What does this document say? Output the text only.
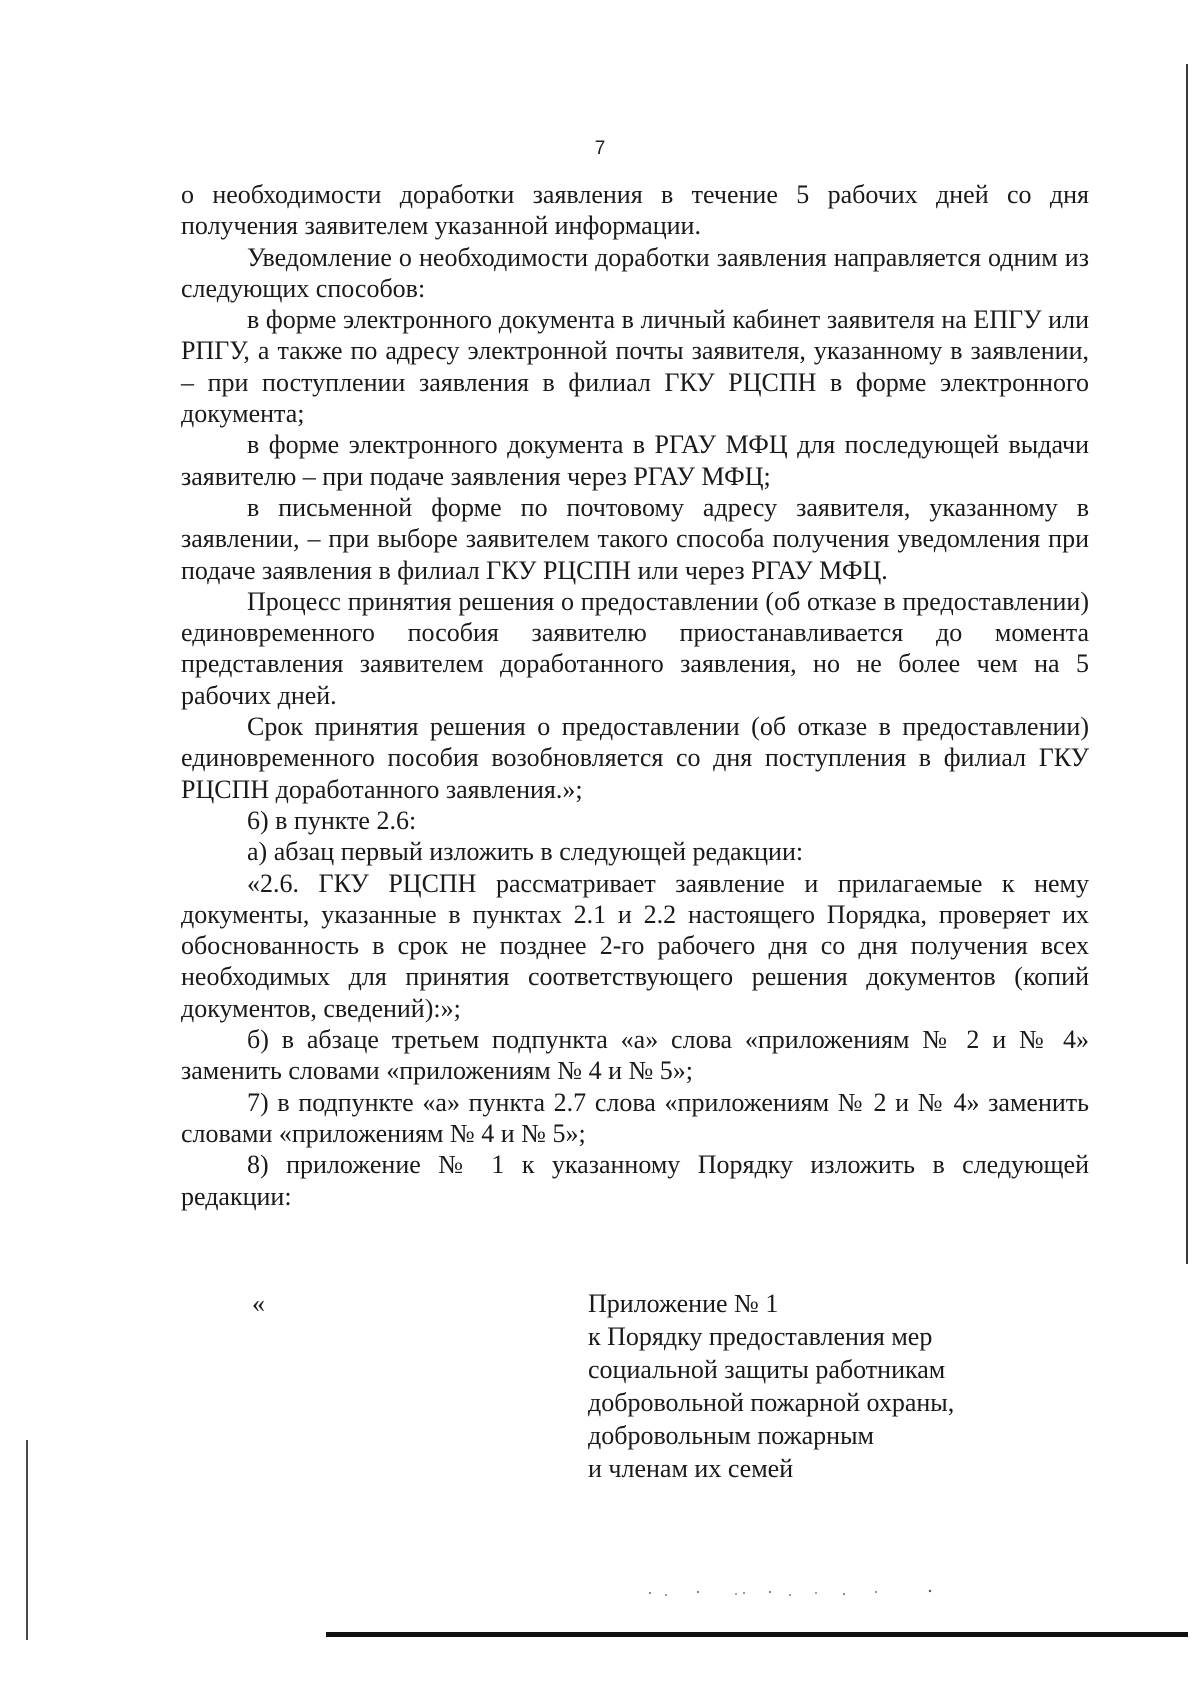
7

о необходимости доработки заявления в течение 5 рабочих дней со дня получения заявителем указанной информации.

Уведомление о необходимости доработки заявления направляется одним из следующих способов:

в форме электронного документа в личный кабинет заявителя на ЕПГУ или РПГУ, а также по адресу электронной почты заявителя, указанному в заявлении, – при поступлении заявления в филиал ГКУ РЦСПН в форме электронного документа;

в форме электронного документа в РГАУ МФЦ для последующей выдачи заявителю – при подаче заявления через РГАУ МФЦ;

в письменной форме по почтовому адресу заявителя, указанному в заявлении, – при выборе заявителем такого способа получения уведомления при подаче заявления в филиал ГКУ РЦСПН или через РГАУ МФЦ.

Процесс принятия решения о предоставлении (об отказе в предоставлении) единовременного пособия заявителю приостанавливается до момента представления заявителем доработанного заявления, но не более чем на 5 рабочих дней.

Срок принятия решения о предоставлении (об отказе в предоставлении) единовременного пособия возобновляется со дня поступления в филиал ГКУ РЦСПН доработанного заявления.»;

6) в пункте 2.6:

а) абзац первый изложить в следующей редакции:

«2.6. ГКУ РЦСПН рассматривает заявление и прилагаемые к нему документы, указанные в пунктах 2.1 и 2.2 настоящего Порядка, проверяет их обоснованность в срок не позднее 2-го рабочего дня со дня получения всех необходимых для принятия соответствующего решения документов (копий документов, сведений):»;

б) в абзаце третьем подпункта «а» слова «приложениям № 2 и № 4» заменить словами «приложениям № 4 и № 5»;

7) в подпункте «а» пункта 2.7 слова «приложениям № 2 и № 4» заменить словами «приложениям № 4 и № 5»;

8) приложение № 1 к указанному Порядку изложить в следующей редакции:

«	Приложение № 1
к Порядку предоставления мер
социальной защиты работникам
добровольной пожарной охраны,
добровольным пожарным
и членам их семей
